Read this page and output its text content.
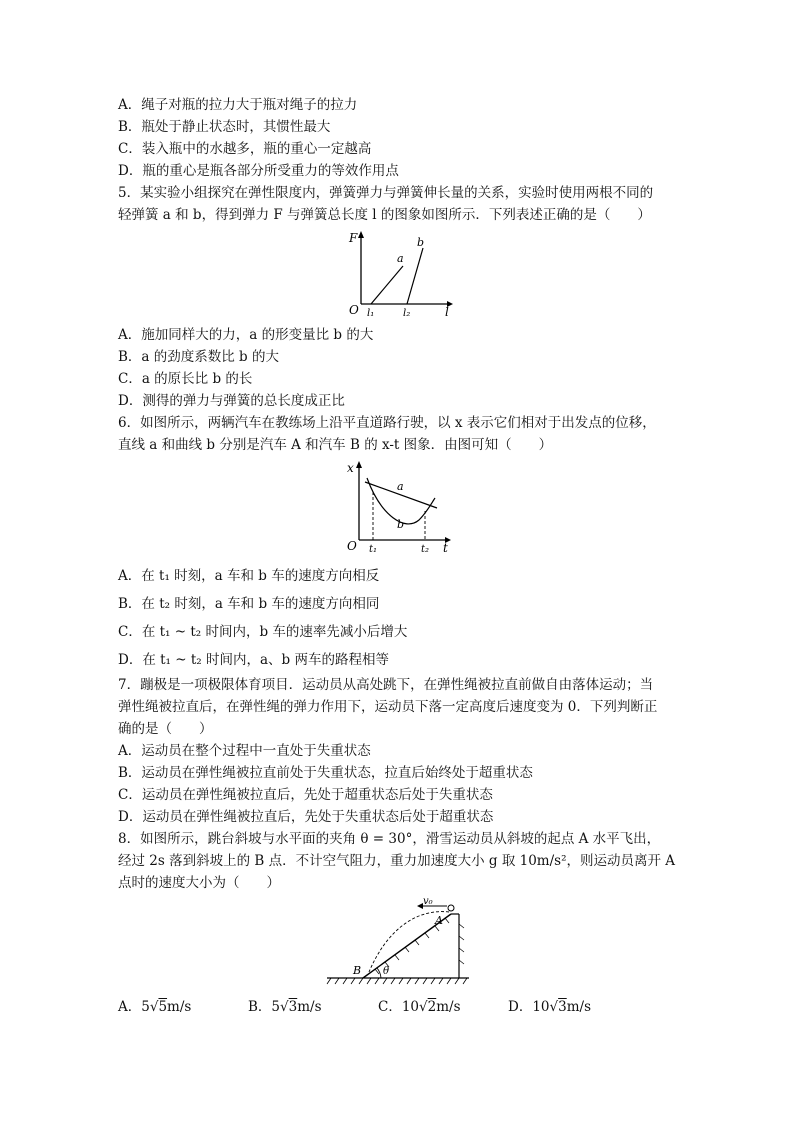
A．绳子对瓶的拉力大于瓶对绳子的拉力
B．瓶处于静止状态时，其惯性最大
C．装入瓶中的水越多，瓶的重心一定越高
D．瓶的重心是瓶各部分所受重力的等效作用点
5．某实验小组探究在弹性限度内，弹簧弹力与弹簧伸长量的关系，实验时使用两根不同的
轻弹簧 a 和 b，得到弹力 F 与弹簧总长度 l 的图象如图所示．下列表述正确的是（　　）
F
l
O l₁	l₂
a
b
A．施加同样大的力，a 的形变量比 b 的大
B．a 的劲度系数比 b 的大
C．a 的原长比 b 的长
D．测得的弹力与弹簧的总长度成正比
6．如图所示，两辆汽车在教练场上沿平直道路行驶，以 x 表示它们相对于出发点的位移，
直线 a 和曲线 b 分别是汽车 A 和汽车 B 的 x-t 图象．由图可知（　　）
x
t
O t₁	t₂
a
b
A．在 t₁ 时刻，a 车和 b 车的速度方向相反
B．在 t₂ 时刻，a 车和 b 车的速度方向相同
C．在 t₁ ~ t₂ 时间内，b 车的速率先减小后增大
D．在 t₁ ~ t₂ 时间内，a、b 两车的路程相等
7．蹦极是一项极限体育项目．运动员从高处跳下，在弹性绳被拉直前做自由落体运动；当
弹性绳被拉直后，在弹性绳的弹力作用下，运动员下落一定高度后速度变为 0．下列判断正
确的是（　　）
A．运动员在整个过程中一直处于失重状态
B．运动员在弹性绳被拉直前处于失重状态，拉直后始终处于超重状态
C．运动员在弹性绳被拉直后，先处于超重状态后处于失重状态
D．运动员在弹性绳被拉直后，先处于失重状态后处于超重状态
8．如图所示，跳台斜坡与水平面的夹角 θ = 30°，滑雪运动员从斜坡的起点 A 水平飞出，
经过 2s 落到斜坡上的 B 点．不计空气阻力，重力加速度大小 g 取 10m/s²，则运动员离开 A
点时的速度大小为（　　）
v₀
A
B θ
A．5√5m/s	B．5√3m/s	C．10√2m/s	D．10√3m/s
